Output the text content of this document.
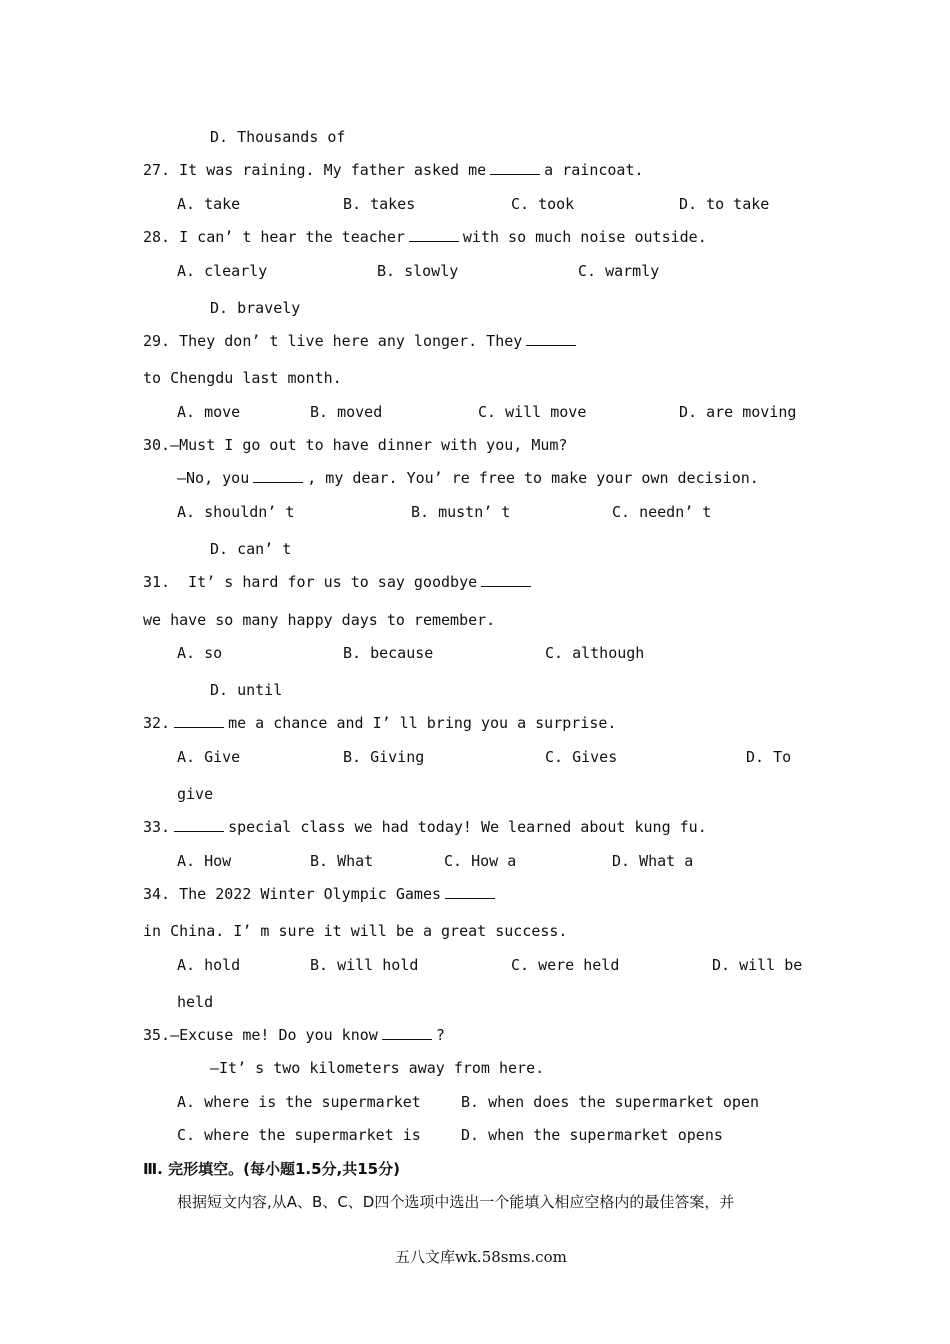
D. Thousands of
27. It was raining. My father asked me	a raincoat.
A. take	B. takes	C. took	D. to take
28. I can’ t hear the teacher	with so much noise outside.
A. clearly	B. slowly	C. warmly
D. bravely
29. They don’ t live here any longer. They
to Chengdu last month.
A. move	B. moved	C. will move	D. are moving
30.—Must I go out to have dinner with you, Mum?
—No, you	, my dear. You’ re free to make your own decision.
A. shouldn’ t	B. mustn’ t	C. needn’ t
D. can’ t
31. It’ s hard for us to say goodbye
we have so many happy days to remember.
A. so	B. because	C. although
D. until
32.	me a chance and I’ ll bring you a surprise.
A. Give	B. Giving	C. Gives	D. To
give
33.	special class we had today! We learned about kung fu.
A. How	B. What	C. How a	D. What a
34. The 2022 Winter Olympic Games
in China. I’ m sure it will be a great success.
A. hold	B. will hold	C. were held	D. will be
held
35.—Excuse me! Do you know	?
—It’ s two kilometers away from here.
A. where is the supermarket	B. when does the supermarket open
C. where the supermarket is	D. when the supermarket opens
Ⅲ. 完形填空。(每小题1.5分,共15分)
根据短文内容,从A、B、C、D四个选项中选出一个能填入相应空格内的最佳答案，并
五八文库wk.58sms.com
